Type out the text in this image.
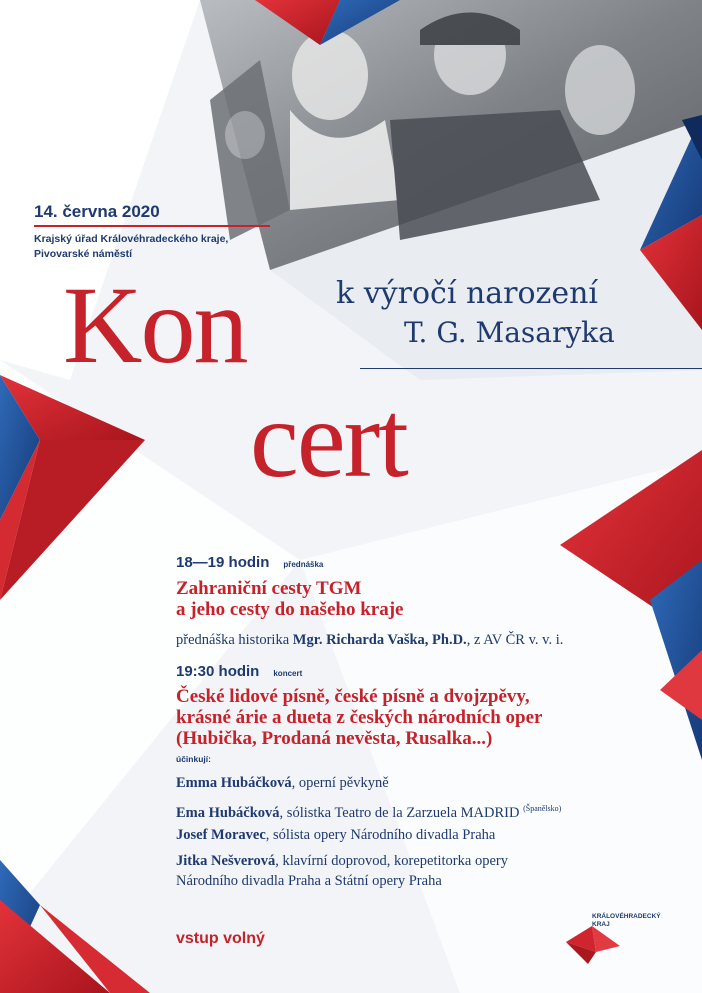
14. června 2020

Krajský úřad Královéhradeckého kraje,
Pivovarské náměstí

k výročí narození

T. G. Masaryka

Kon

cert

18—19 hodin přednáška
Zahraniční cesty TGM
a jeho cesty do našeho kraje
přednáška historika Mgr. Richarda Vaška, Ph.D., z AV ČR v. v. i.
19:30 hodin koncert
České lidové písně, české písně a dvojzpěvy,
krásné árie a dueta z českých národních oper
(Hubička, Prodaná nevěsta, Rusalka...)

účinkují:

Emma Hubáčková, operní pěvkyně
Ema Hubáčková, sólistka Teatro de la Zarzuela MADRID $^{(Španělsko)}$
Josef Moravec, sólista opery Národního divadla Praha
Jitka Nešverová, klavírní doprovod, korepetitorka opery
Národního divadla Praha a Státní opery Praha

vstup volný

KRÁLOVÉHRADECKÝ
KRAJ
